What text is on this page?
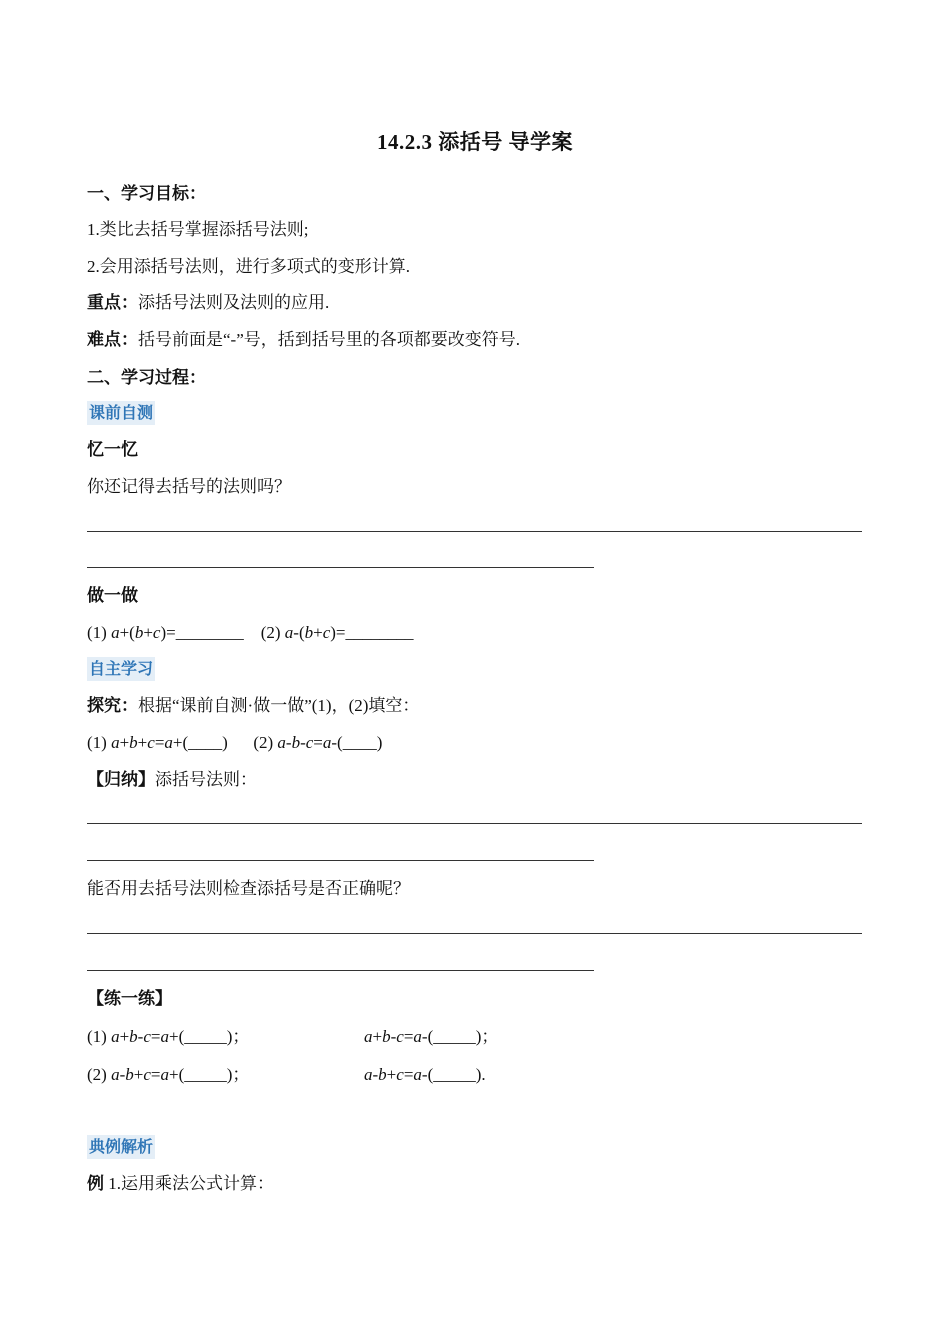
14.2.3 添括号 导学案
一、学习目标：
1.类比去括号掌握添括号法则;
2.会用添括号法则，进行多项式的变形计算.
重点：添括号法则及法则的应用.
难点：括号前面是“-”号，括到括号里的各项都要改变符号.
二、学习过程：
课前自测
忆一忆
你还记得去括号的法则吗？
做一做
(1) a+(b+c)=________ (2) a-(b+c)=________
自主学习
探究：根据“课前自测·做一做”(1)，(2)填空：
(1) a+b+c=a+(____) (2) a-b-c=a-(____)
【归纳】添括号法则：
能否用去括号法则检查添括号是否正确呢？
【练一练】
(1) a+b-c=a+(_____)；	a+b-c=a-(_____)；
(2) a-b+c=a+(_____)；	a-b+c=a-(_____).
典例解析
例 1.运用乘法公式计算：
